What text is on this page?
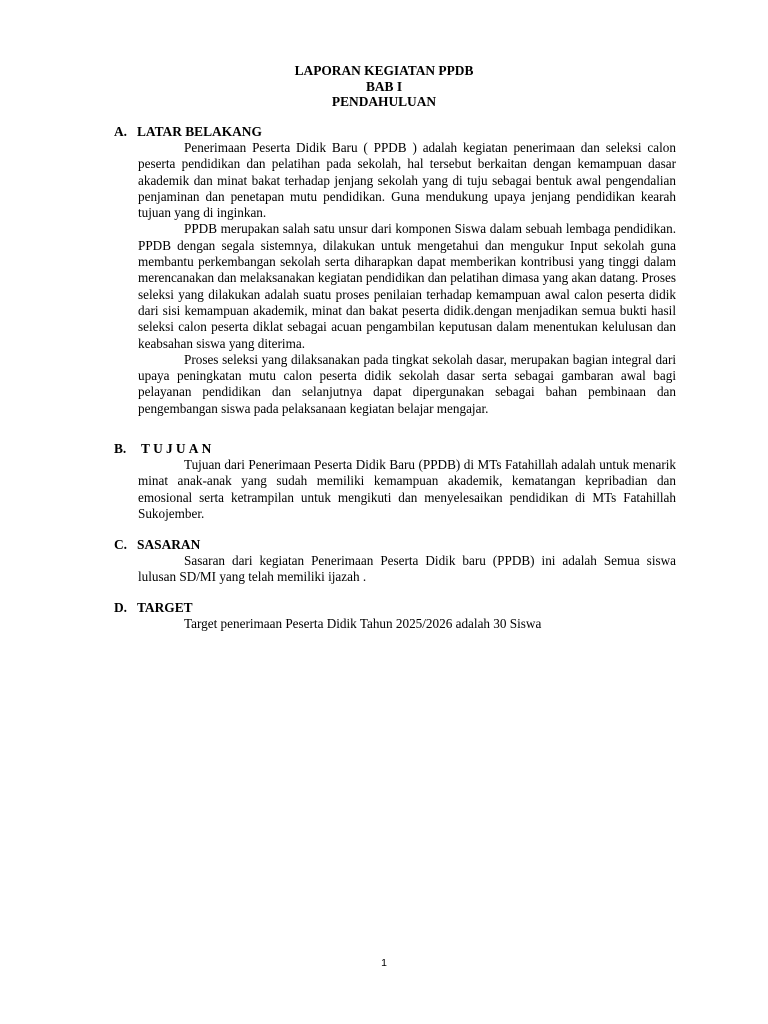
LAPORAN KEGIATAN PPDB
BAB I
PENDAHULUAN
A. LATAR BELAKANG

Penerimaan Peserta Didik Baru ( PPDB ) adalah kegiatan penerimaan dan seleksi calon peserta pendidikan dan pelatihan pada sekolah, hal tersebut berkaitan dengan kemampuan dasar akademik dan minat bakat terhadap jenjang sekolah yang di tuju sebagai bentuk awal pengendalian penjaminan dan penetapan mutu pendidikan. Guna mendukung upaya jenjang pendidikan kearah tujuan yang di inginkan.

PPDB merupakan salah satu unsur dari komponen Siswa dalam sebuah lembaga pendidikan. PPDB dengan segala sistemnya, dilakukan untuk mengetahui dan mengukur Input sekolah guna membantu perkembangan sekolah serta diharapkan dapat memberikan kontribusi yang tinggi dalam merencanakan dan melaksanakan kegiatan pendidikan dan pelatihan dimasa yang akan datang. Proses seleksi yang dilakukan adalah suatu proses penilaian terhadap kemampuan awal calon peserta didik dari sisi kemampuan akademik, minat dan bakat peserta didik.dengan menjadikan semua bukti hasil seleksi calon peserta diklat sebagai acuan pengambilan keputusan dalam menentukan kelulusan dan keabsahan siswa yang diterima.

Proses seleksi yang dilaksanakan pada tingkat sekolah dasar, merupakan bagian integral dari upaya peningkatan mutu calon peserta didik sekolah dasar serta sebagai gambaran awal bagi pelayanan pendidikan dan selanjutnya dapat dipergunakan sebagai bahan pembinaan dan pengembangan siswa pada pelaksanaan kegiatan belajar mengajar.

B.	TUJUAN

Tujuan dari Penerimaan Peserta Didik Baru (PPDB) di MTs Fatahillah adalah untuk menarik minat anak-anak yang sudah memiliki kemampuan akademik, kematangan kepribadian dan emosional serta ketrampilan untuk mengikuti dan menyelesaikan pendidikan di MTs Fatahillah Sukojember.

C. SASARAN

Sasaran dari kegiatan Penerimaan Peserta Didik baru (PPDB) ini adalah Semua siswa lulusan SD/MI yang telah memiliki ijazah .

D. TARGET

Target penerimaan Peserta Didik Tahun 2025/2026 adalah 30 Siswa

1
